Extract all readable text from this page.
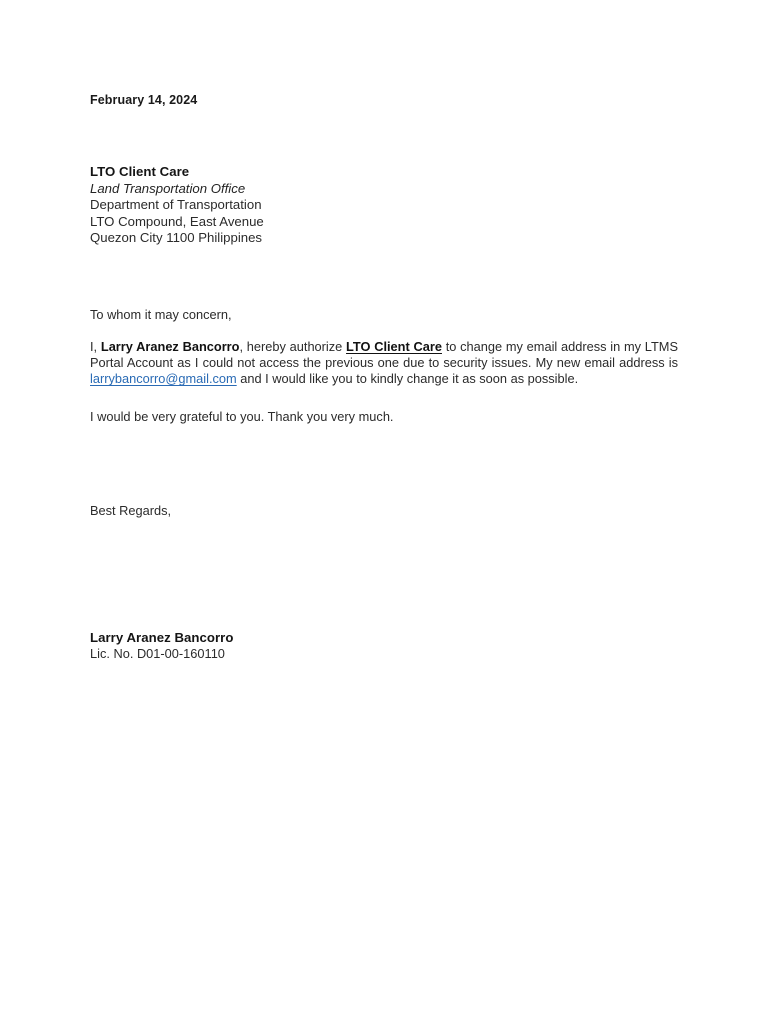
February 14, 2024
LTO Client Care
Land Transportation Office
Department of Transportation
LTO Compound, East Avenue
Quezon City 1100 Philippines
To whom it may concern,

I, Larry Aranez Bancorro, hereby authorize LTO Client Care to change my email address in my LTMS Portal Account as I could not access the previous one due to security issues. My new email address is larrybancorro@gmail.com and I would like you to kindly change it as soon as possible.

I would be very grateful to you. Thank you very much.

Best Regards,
Larry Aranez Bancorro
Lic. No. D01-00-160110
